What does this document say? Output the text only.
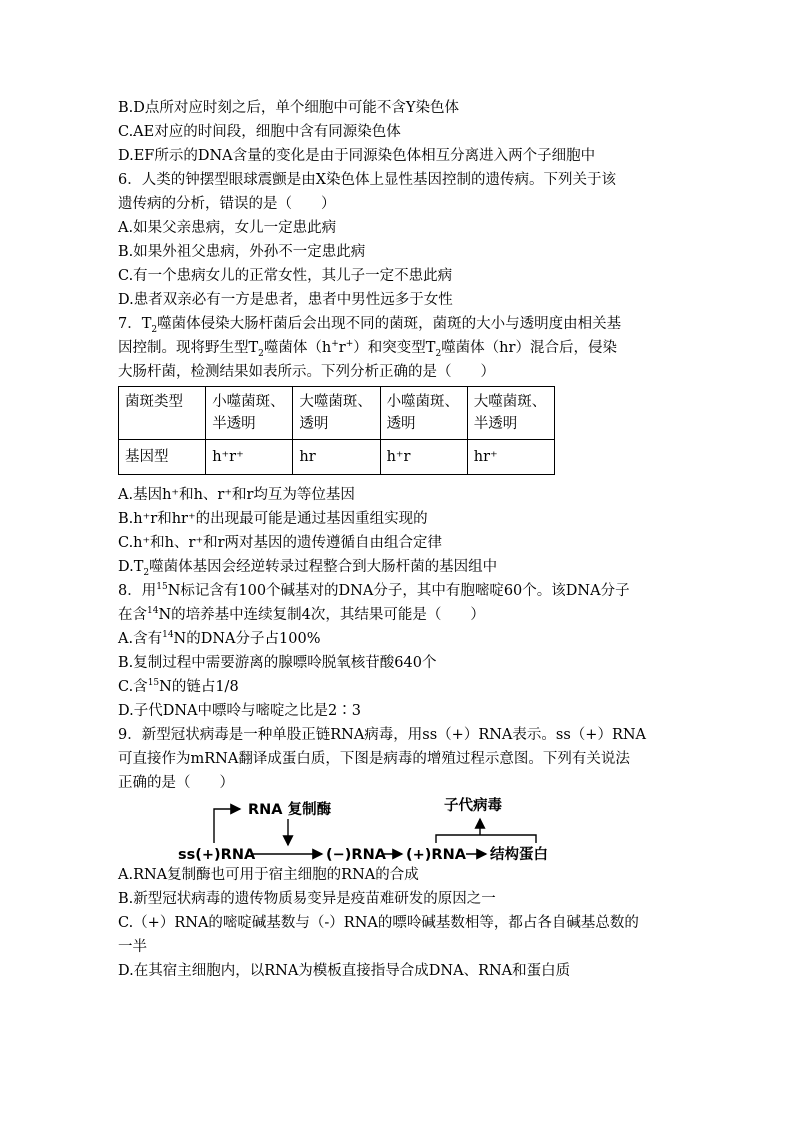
B.D点所对应时刻之后，单个细胞中可能不含Y染色体
C.AE对应的时间段，细胞中含有同源染色体
D.EF所示的DNA含量的变化是由于同源染色体相互分离进入两个子细胞中
6．人类的钟摆型眼球震颤是由X染色体上显性基因控制的遗传病。下列关于该
遗传病的分析，错误的是（　　）
A.如果父亲患病，女儿一定患此病
B.如果外祖父患病，外孙不一定患此病
C.有一个患病女儿的正常女性，其儿子一定不患此病
D.患者双亲必有一方是患者，患者中男性远多于女性
7．$T_2$噬菌体侵染大肠杆菌后会出现不同的菌斑，菌斑的大小与透明度由相关基
因控制。现将野生型$T_2$噬菌体（h+r+）和突变型$T_2$噬菌体（hr）混合后，侵染
大肠杆菌，检测结果如表所示。下列分析正确的是（　　）
菌斑类型	小噬菌斑、半透明	大噬菌斑、透明	小噬菌斑、透明	大噬菌斑、半透明
基因型	h⁺r⁺	hr	h⁺r	hr⁺
A.基因h⁺和h、r⁺和r均互为等位基因
B.h⁺r和hr⁺的出现最可能是通过基因重组实现的
C.h⁺和h、r⁺和r两对基因的遗传遵循自由组合定律
$D.T_2$噬菌体基因会经逆转录过程整合到大肠杆菌的基因组中
8．用$^{15}$N标记含有100个碱基对的DNA分子，其中有胞嘧啶60个。该DNA分子
在含$^{14}$N的培养基中连续复制4次，其结果可能是（　　）
A.含有$^{14}$N的DNA分子占100%
B.复制过程中需要游离的腺嘌呤脱氧核苷酸640个
C.含$^{15}$N的链占1/8
D.子代DNA中嘌呤与嘧啶之比是2∶3
9．新型冠状病毒是一种单股正链RNA病毒，用ss（+）RNA表示。ss（+）RNA
可直接作为mRNA翻译成蛋白质，下图是病毒的增殖过程示意图。下列有关说法
正确的是（　　）
RNA 复制酶	子代病毒
ss(+)RNA	(−)RNA (+)RNA 结构蛋白
A.RNA复制酶也可用于宿主细胞的RNA的合成
B.新型冠状病毒的遗传物质易变异是疫苗难研发的原因之一
C.（+）RNA的嘧啶碱基数与（-）RNA的嘌呤碱基数相等，都占各自碱基总数的
一半
D.在其宿主细胞内，以RNA为模板直接指导合成DNA、RNA和蛋白质
